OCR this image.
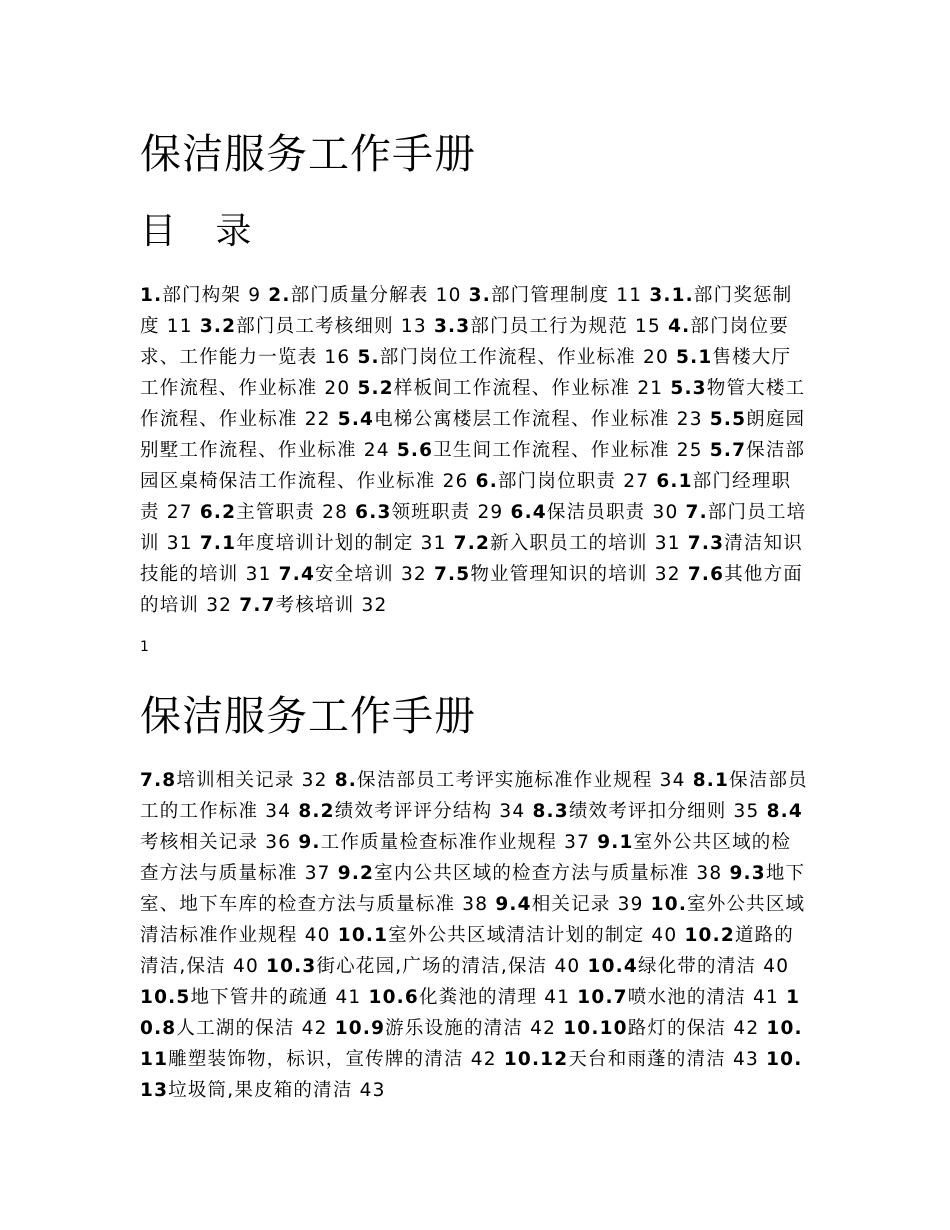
保洁服务工作手册
目 录

1.部门构架 9 2.部门质量分解表 10 3.部门管理制度 11 3.1.部门奖惩制度 11 3.2部门员工考核细则 13 3.3部门员工行为规范 15 4.部门岗位要求、工作能力一览表 16 5.部门岗位工作流程、作业标准 20 5.1售楼大厅工作流程、作业标准 20 5.2样板间工作流程、作业标准 21 5.3物管大楼工作流程、作业标准 22 5.4电梯公寓楼层工作流程、作业标准 23 5.5朗庭园别墅工作流程、作业标准 24 5.6卫生间工作流程、作业标准 25 5.7保洁部园区桌椅保洁工作流程、作业标准 26 6.部门岗位职责 27 6.1部门经理职责 27 6.2主管职责 28 6.3领班职责 29 6.4保洁员职责 30 7.部门员工培训 31 7.1年度培训计划的制定 31 7.2新入职员工的培训 31 7.3清洁知识技能的培训 31 7.4安全培训 32 7.5物业管理知识的培训 32 7.6其他方面的培训 32 7.7考核培训 32

1
保洁服务工作手册

7.8培训相关记录 32 8.保洁部员工考评实施标准作业规程 34 8.1保洁部员工的工作标准 34 8.2绩效考评评分结构 34 8.3绩效考评扣分细则 35 8.4考核相关记录 36 9.工作质量检查标准作业规程 37 9.1室外公共区域的检查方法与质量标准 37 9.2室内公共区域的检查方法与质量标准 38 9.3地下室、地下车库的检查方法与质量标准 38 9.4相关记录 39 10.室外公共区域清洁标准作业规程 40 10.1室外公共区域清洁计划的制定 40 10.2道路的清洁,保洁 40 10.3街心花园,广场的清洁,保洁 40 10.4绿化带的清洁 40 10.5地下管井的疏通 41 10.6化粪池的清理 41 10.7喷水池的清洁 41 10.8人工湖的保洁 42 10.9游乐设施的清洁 42 10.10路灯的保洁 42 10.11雕塑装饰物，标识，宣传牌的清洁 42 10.12天台和雨蓬的清洁 43 10.13垃圾筒,果皮箱的清洁 43
